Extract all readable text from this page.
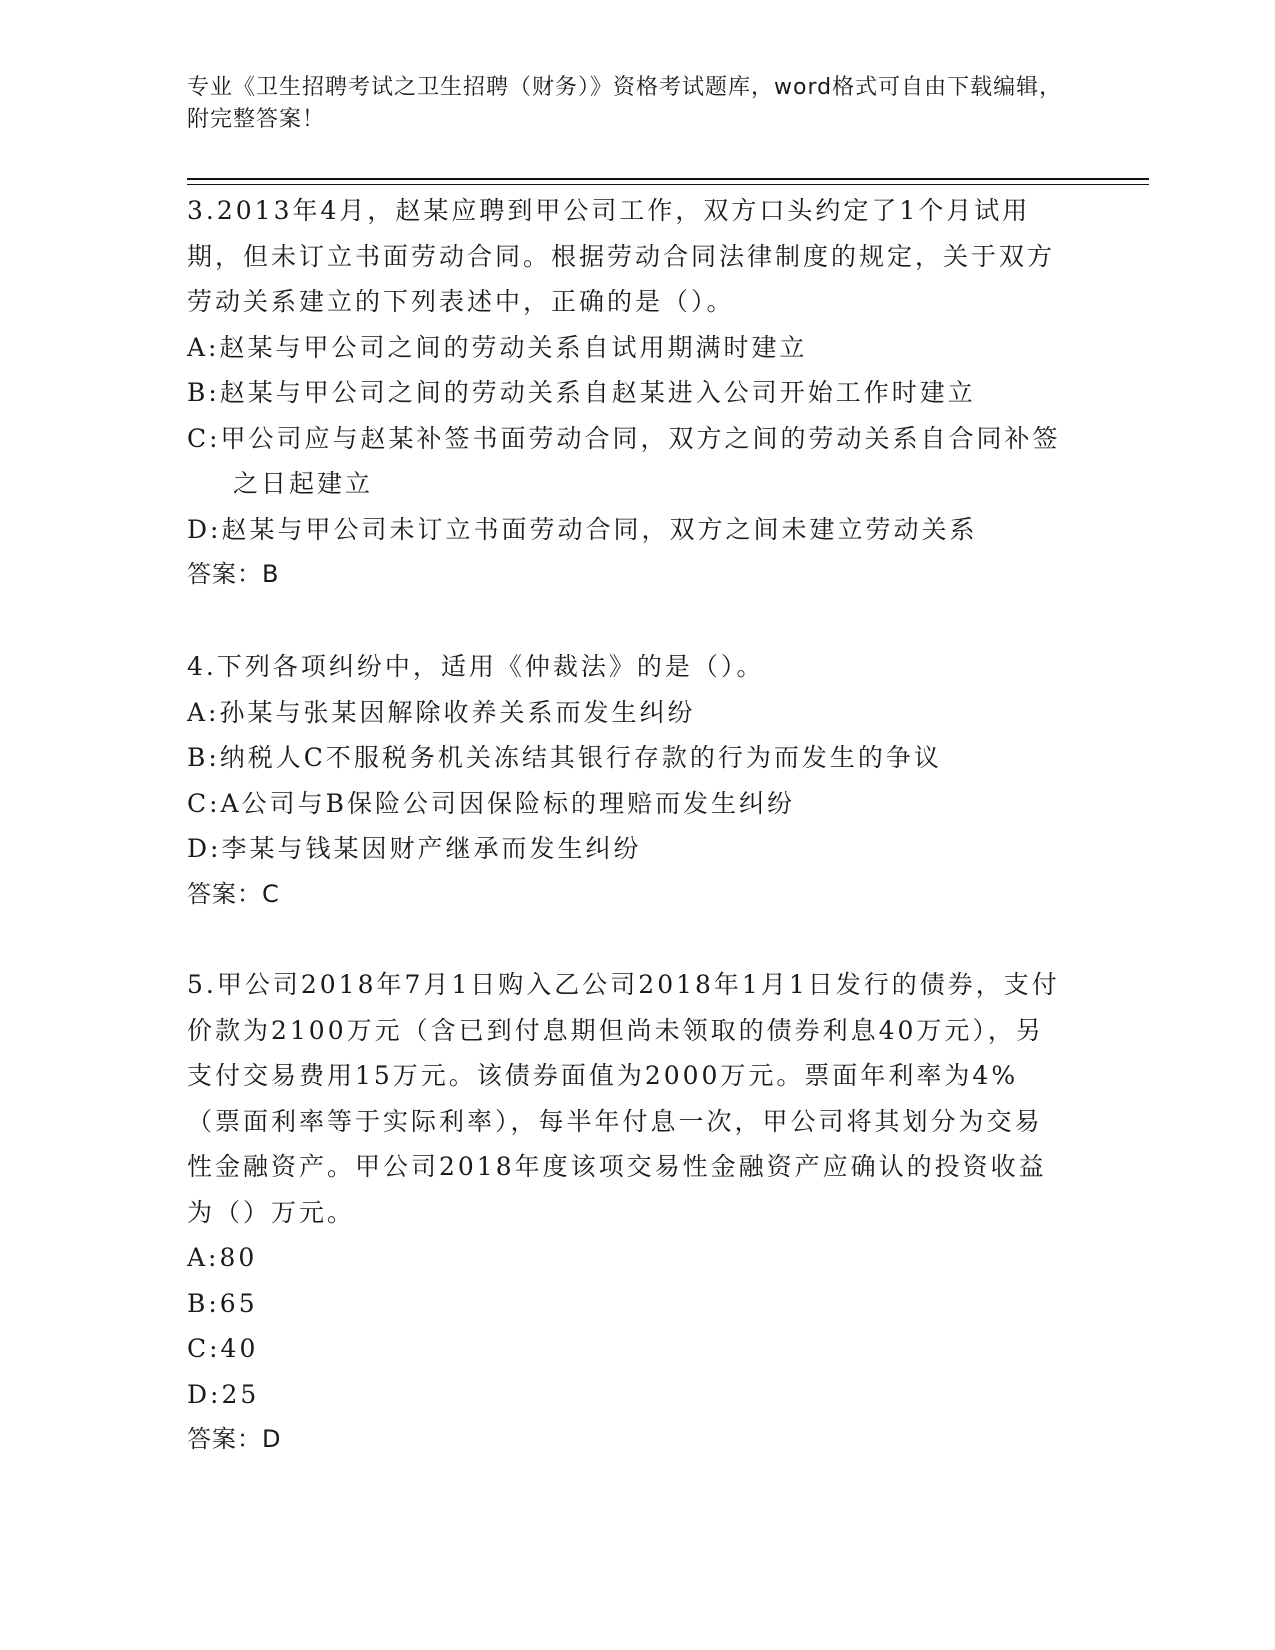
专业《卫生招聘考试之卫生招聘（财务）》资格考试题库，word格式可自由下载编辑，附完整答案！

3.2013年4月，赵某应聘到甲公司工作，双方口头约定了1个月试用期，但未订立书面劳动合同。根据劳动合同法律制度的规定，关于双方劳动关系建立的下列表述中，正确的是（）。

A:赵某与甲公司之间的劳动关系自试用期满时建立

B:赵某与甲公司之间的劳动关系自赵某进入公司开始工作时建立

C:甲公司应与赵某补签书面劳动合同，双方之间的劳动关系自合同补签之日起建立

D:赵某与甲公司未订立书面劳动合同，双方之间未建立劳动关系

答案：B

4.下列各项纠纷中，适用《仲裁法》的是（）。

A:孙某与张某因解除收养关系而发生纠纷

B:纳税人C不服税务机关冻结其银行存款的行为而发生的争议

C:A公司与B保险公司因保险标的理赔而发生纠纷

D:李某与钱某因财产继承而发生纠纷

答案：C

5.甲公司2018年7月1日购入乙公司2018年1月1日发行的债券，支付价款为2100万元（含已到付息期但尚未领取的债券利息40万元），另支付交易费用15万元。该债券面值为2000万元。票面年利率为4%（票面利率等于实际利率），每半年付息一次，甲公司将其划分为交易性金融资产。甲公司2018年度该项交易性金融资产应确认的投资收益为（）万元。

A:80

B:65

C:40

D:25

答案：D
